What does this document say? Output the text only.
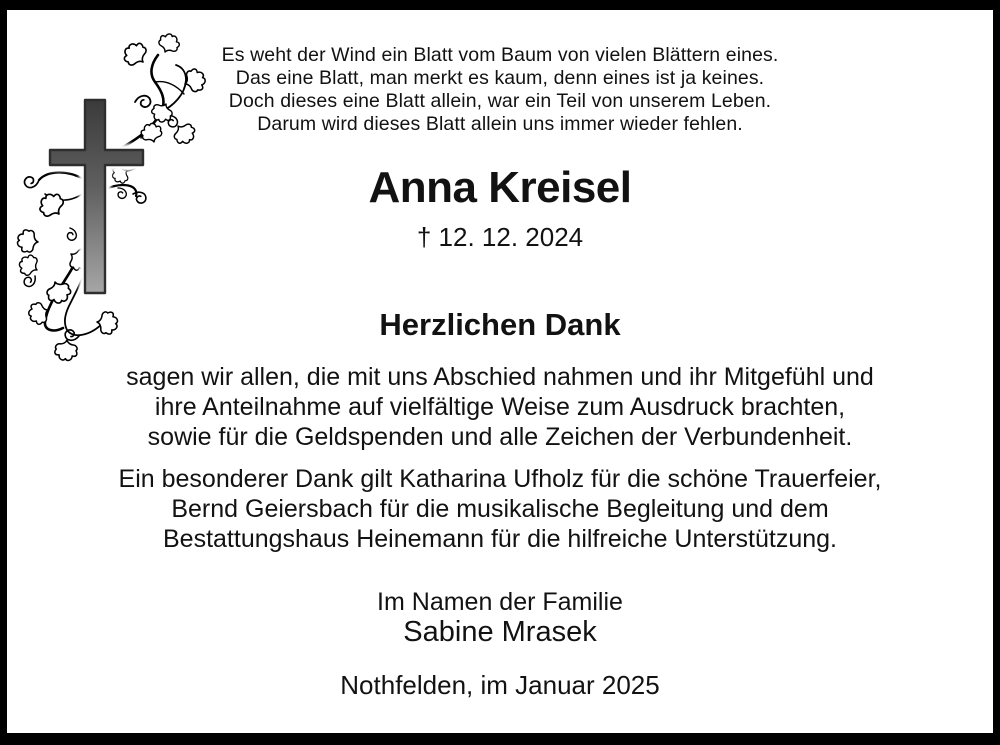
Es weht der Wind ein Blatt vom Baum von vielen Blättern eines.
Das eine Blatt, man merkt es kaum, denn eines ist ja keines.
Doch dieses eine Blatt allein, war ein Teil von unserem Leben.
Darum wird dieses Blatt allein uns immer wieder fehlen.
Anna Kreisel
† 12. 12. 2024
Herzlichen Dank
sagen wir allen, die mit uns Abschied nahmen und ihr Mitgefühl und
ihre Anteilnahme auf vielfältige Weise zum Ausdruck brachten,
sowie für die Geldspenden und alle Zeichen der Verbundenheit.
Ein besonderer Dank gilt Katharina Ufholz für die schöne Trauerfeier,
Bernd Geiersbach für die musikalische Begleitung und dem
Bestattungshaus Heinemann für die hilfreiche Unterstützung.
Im Namen der Familie
Sabine Mrasek
Nothfelden, im Januar 2025
